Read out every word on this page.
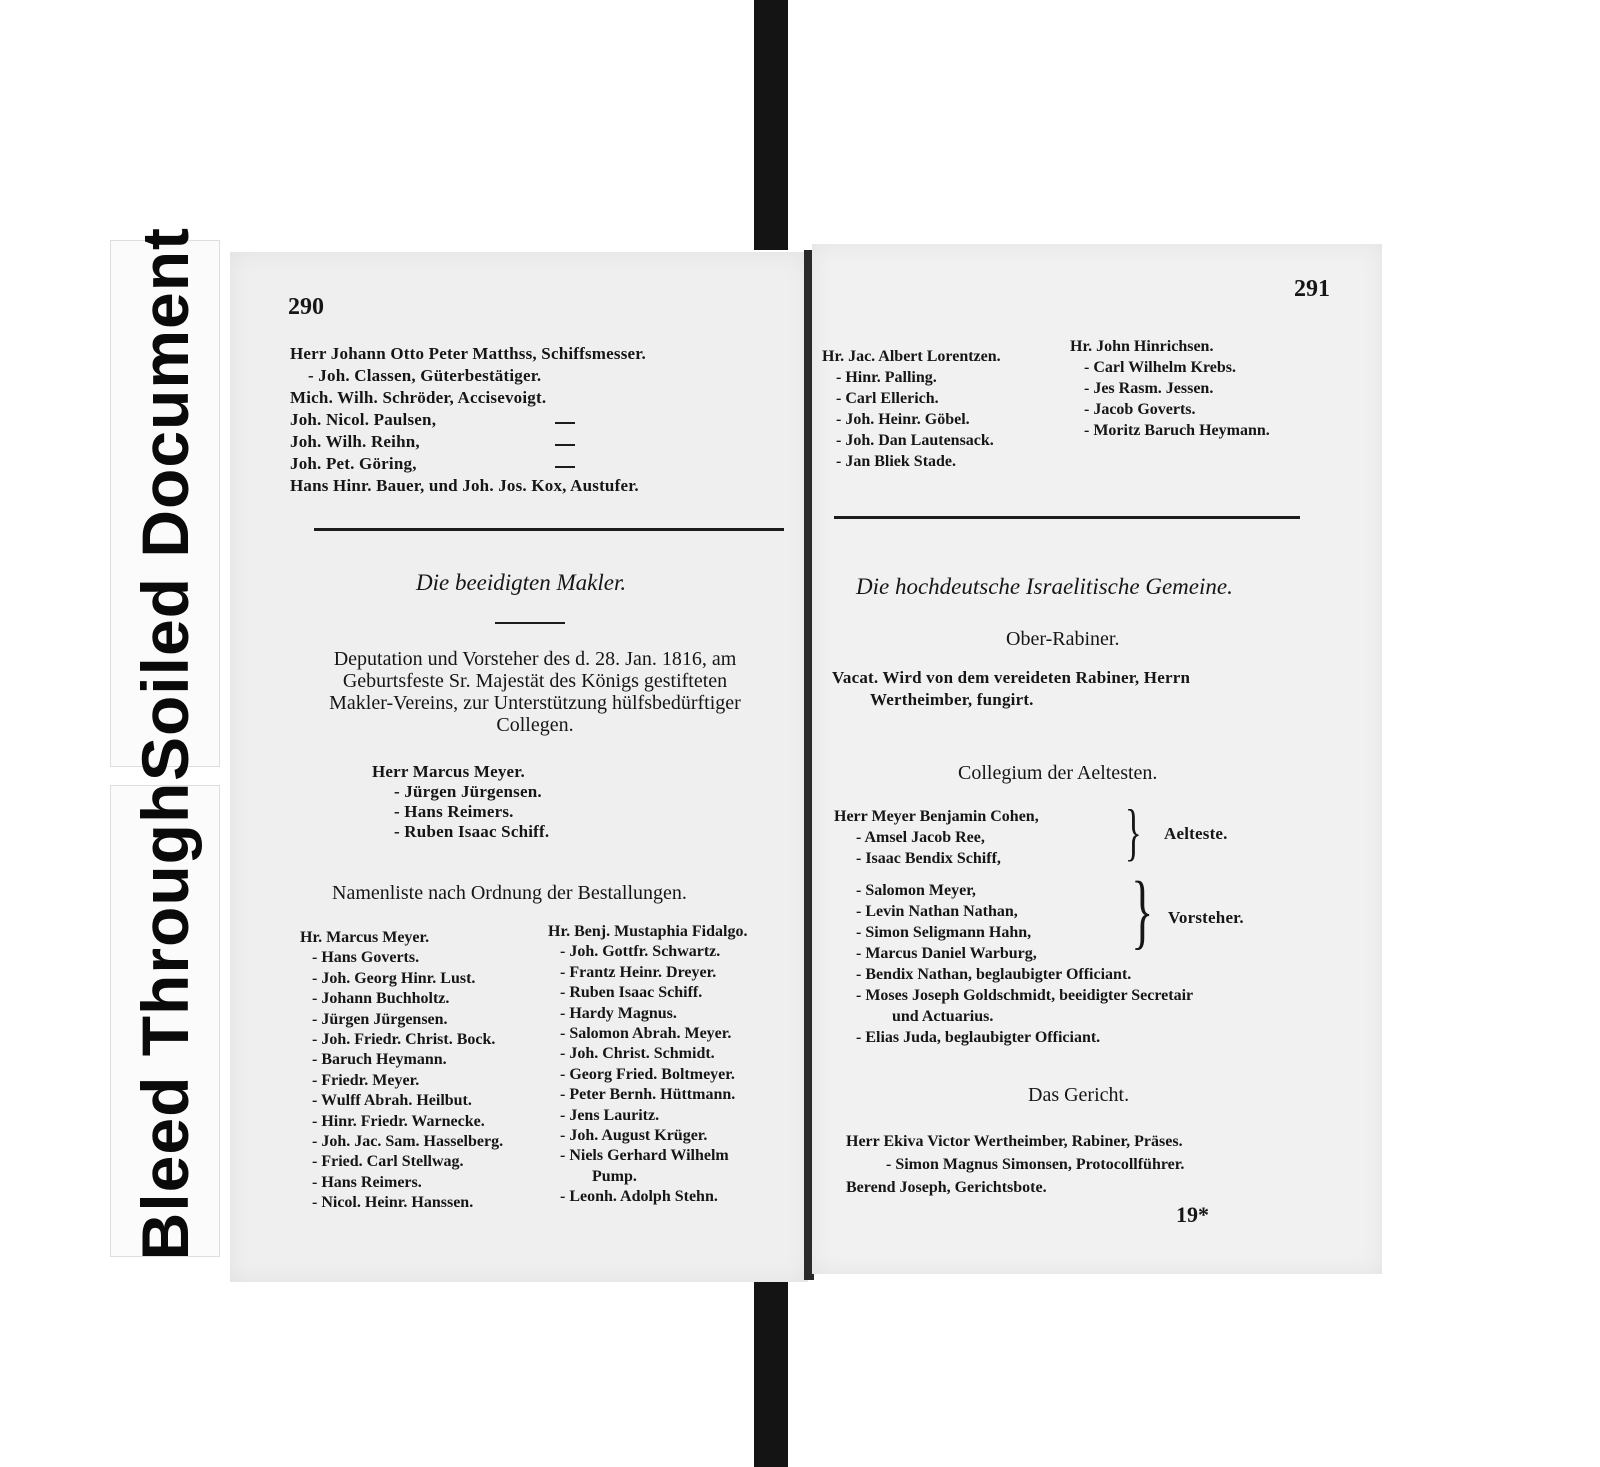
Soiled Document
Bleed Through
290
Herr Johann Otto Peter Matthss, Schiffsmesser.
- Joh. Classen, Güterbestätiger.
Mich. Wilh. Schröder, Accisevoigt.
Joh. Nicol. Paulsen,
Joh. Wilh. Reihn,
Joh. Pet. Göring,
Hans Hinr. Bauer, und Joh. Jos. Kox, Austufer.
Die beeidigten Makler.
Deputation und Vorsteher des d. 28. Jan. 1816, am
Geburtsfeste Sr. Majestät des Königs gestifteten
Makler-Vereins, zur Unterstützung hülfsbedürftiger
Collegen.
Herr Marcus Meyer.
- Jürgen Jürgensen.
- Hans Reimers.
- Ruben Isaac Schiff.
Namenliste nach Ordnung der Bestallungen.
Hr. Marcus Meyer.
- Hans Goverts.
- Joh. Georg Hinr. Lust.
- Johann Buchholtz.
- Jürgen Jürgensen.
- Joh. Friedr. Christ. Bock.
- Baruch Heymann.
- Friedr. Meyer.
- Wulff Abrah. Heilbut.
- Hinr. Friedr. Warnecke.
- Joh. Jac. Sam. Hasselberg.
- Fried. Carl Stellwag.
- Hans Reimers.
- Nicol. Heinr. Hanssen.
Hr. Benj. Mustaphia Fidalgo.
- Joh. Gottfr. Schwartz.
- Frantz Heinr. Dreyer.
- Ruben Isaac Schiff.
- Hardy Magnus.
- Salomon Abrah. Meyer.
- Joh. Christ. Schmidt.
- Georg Fried. Boltmeyer.
- Peter Bernh. Hüttmann.
- Jens Lauritz.
- Joh. August Krüger.
- Niels Gerhard Wilhelm
Pump.
- Leonh. Adolph Stehn.
291
Hr. Jac. Albert Lorentzen.
- Hinr. Palling.
- Carl Ellerich.
- Joh. Heinr. Göbel.
- Joh. Dan Lautensack.
- Jan Bliek Stade.
Hr. John Hinrichsen.
- Carl Wilhelm Krebs.
- Jes Rasm. Jessen.
- Jacob Goverts.
- Moritz Baruch Heymann.
Die hochdeutsche Israelitische Gemeine.
Ober-Rabiner.
Vacat. Wird von dem vereideten Rabiner, Herrn
Wertheimber, fungirt.
Collegium der Aeltesten.
Herr Meyer Benjamin Cohen,
- Amsel Jacob Ree,
- Isaac Bendix Schiff,	} Aelteste.
- Salomon Meyer,
- Levin Nathan Nathan,
- Simon Seligmann Hahn,
- Marcus Daniel Warburg, } Vorsteher.
- Bendix Nathan, beglaubigter Officiant.
- Moses Joseph Goldschmidt, beeidigter Secretair
und Actuarius.
- Elias Juda, beglaubigter Officiant.
Das Gericht.
Herr Ekiva Victor Wertheimber, Rabiner, Präses.
- Simon Magnus Simonsen, Protocollführer.
Berend Joseph, Gerichtsbote.
19*
